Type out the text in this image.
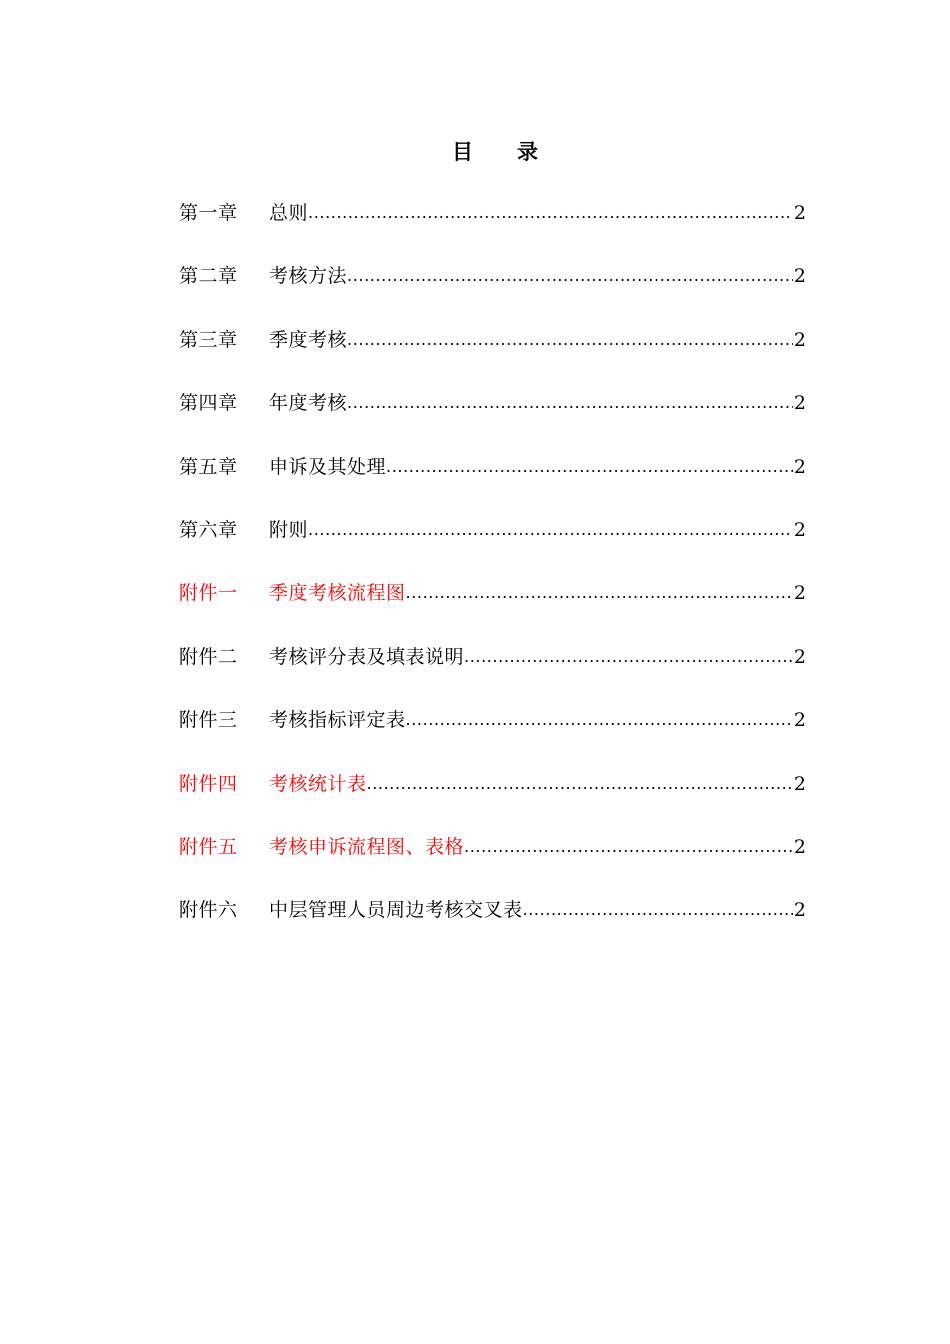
目 录
第一章	总则 .....	2
第二章	考核方法 .....	2
第三章	季度考核 .....	2
第四章	年度考核 .....	2
第五章	申诉及其处理 .....	2
第六章	附则 .....	2
附件一	季度考核流程图 .....	2
附件二	考核评分表及填表说明 .....	2
附件三	考核指标评定表 .....	2
附件四	考核统计表 .....	2
附件五	考核申诉流程图、表格 .....	2
附件六	中层管理人员周边考核交叉表 .....	2
